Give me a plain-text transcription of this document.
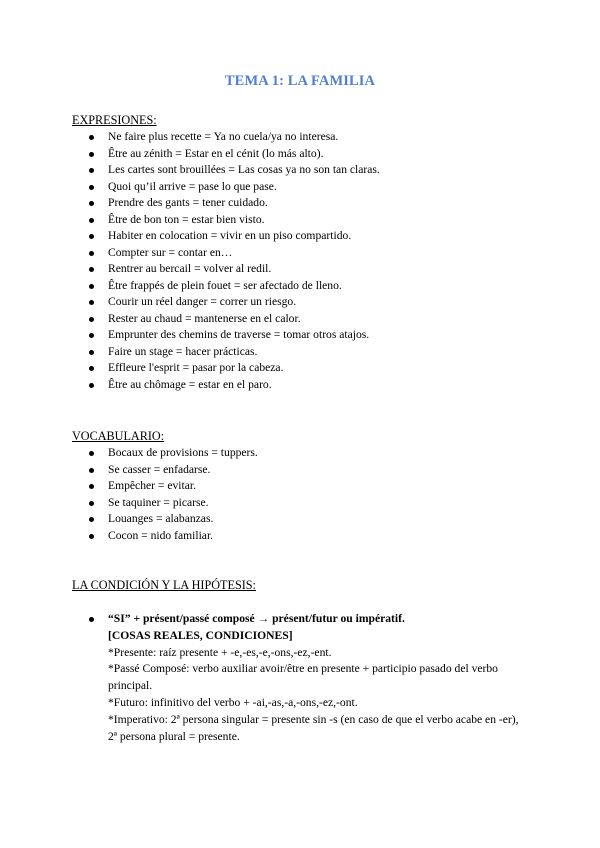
TEMA 1: LA FAMILIA
EXPRESIONES:
Ne faire plus recette = Ya no cuela/ya no interesa.
Être au zénith = Estar en el cénit (lo más alto).
Les cartes sont brouillées = Las cosas ya no son tan claras.
Quoi qu’il arrive = pase lo que pase.
Prendre des gants = tener cuidado.
Être de bon ton = estar bien visto.
Habiter en colocation = vivir en un piso compartido.
Compter sur = contar en…
Rentrer au bercail = volver al redil.
Être frappés de plein fouet = ser afectado de lleno.
Courir un réel danger = correr un riesgo.
Rester au chaud = mantenerse en el calor.
Emprunter des chemins de traverse = tomar otros atajos.
Faire un stage = hacer prácticas.
Effleure l'esprit = pasar por la cabeza.
Être au chômage = estar en el paro.
VOCABULARIO:
Bocaux de provisions = tuppers.
Se casser = enfadarse.
Empêcher = evitar.
Se taquiner = picarse.
Louanges = alabanzas.
Cocon = nido familiar.
LA CONDICIÓN Y LA HIPÓTESIS:
“SI” + présent/passé composé → présent/futur ou impératif.
[COSAS REALES, CONDICIONES]
*Presente: raíz presente + -e,-es,-e,-ons,-ez,-ent.
*Passé Composé: verbo auxiliar avoir/être en presente + participio pasado del verbo principal.
*Futuro: infinitivo del verbo + -ai,-as,-a,-ons,-ez,-ont.
*Imperativo: 2ª persona singular = presente sin -s (en caso de que el verbo acabe en -er), 2ª persona plural = presente.
